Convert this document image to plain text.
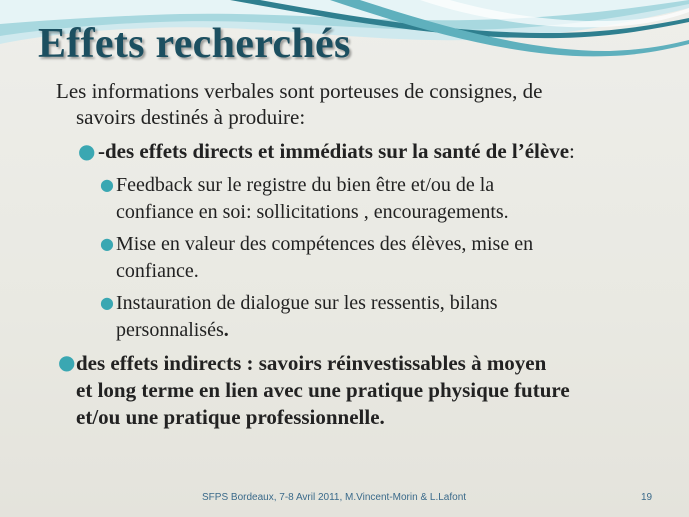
Effets recherchés
Les informations verbales sont porteuses de consignes, de
savoirs destinés à produire:
● -des effets directs et immédiats sur la santé de l’élève:
● Feedback sur le registre du bien être et/ou de la
confiance en soi: sollicitations , encouragements.
● Mise en valeur des compétences des élèves, mise en
confiance.
● Instauration de dialogue sur les ressentis, bilans
personnalisés.
● des effets indirects : savoirs réinvestissables à moyen
et long terme en lien avec une pratique physique future
et/ou une pratique professionnelle.
SFPS Bordeaux, 7-8 Avril 2011, M.Vincent-Morin & L.Lafont	19
